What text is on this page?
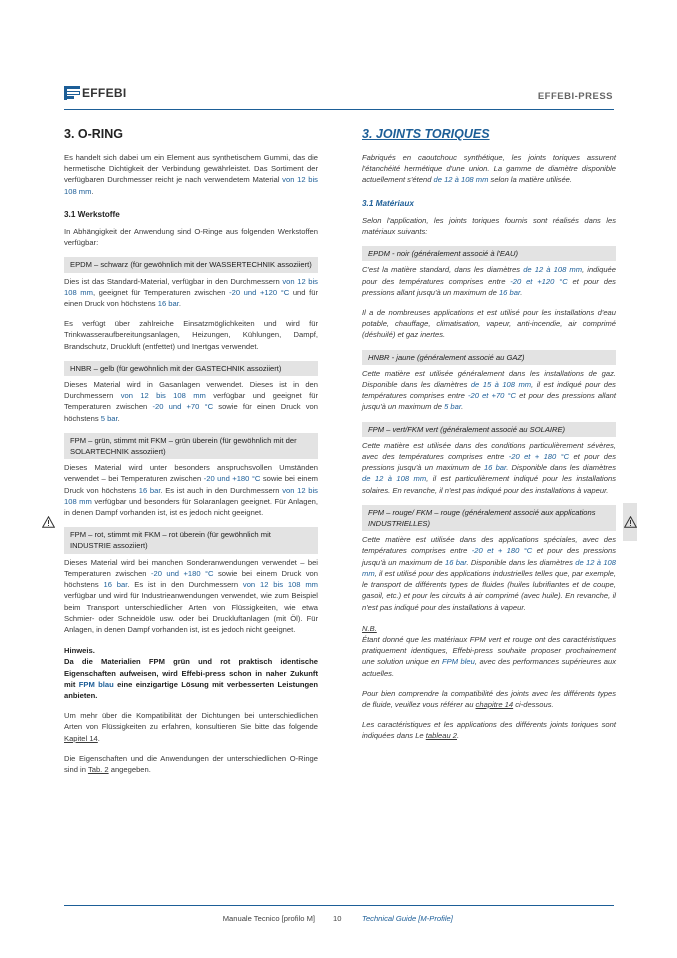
EFFEBI	EFFEBI-PRESS
3. O-RING

Es handelt sich dabei um ein Element aus synthetischem Gummi, das die hermetische Dichtigkeit der Verbindung gewährleistet. Das Sortiment der verfügbaren Durchmesser reicht je nach verwendetem Material von 12 bis 108 mm.

3.1 Werkstoffe

In Abhängigkeit der Anwendung sind O-Ringe aus folgenden Werkstoffen verfügbar:

EPDM – schwarz (für gewöhnlich mit der WASSERTECHNIK assoziiert)

Dies ist das Standard-Material, verfügbar in den Durchmessern von 12 bis 108 mm, geeignet für Temperaturen zwischen -20 und +120 °C und für einen Druck von höchstens 16 bar.

Es verfügt über zahlreiche Einsatzmöglichkeiten und wird für Trinkwasseraufbereitungsanlagen, Heizungen, Kühlungen, Dampf, Brandschutz, Druckluft (entfettet) und Inertgas verwendet.

HNBR – gelb (für gewöhnlich mit der GASTECHNIK assoziiert)

Dieses Material wird in Gasanlagen verwendet. Dieses ist in den Durchmessern von 12 bis 108 mm verfügbar und geeignet für Temperaturen zwischen -20 und +70 °C sowie für einen Druck von höchstens 5 bar.

FPM – grün, stimmt mit FKM – grün überein (für gewöhnlich mit der SOLARTECHNIK assoziiert)

Dieses Material wird unter besonders anspruchsvollen Umständen verwendet – bei Temperaturen zwischen -20 und +180 °C sowie bei einem Druck von höchstens 16 bar. Es ist auch in den Durchmessern von 12 bis 108 mm verfügbar und besonders für Solaranlagen geeignet. Für Anlagen, in denen Dampf vorhanden ist, ist es jedoch nicht geeignet.

FPM – rot, stimmt mit FKM – rot überein (für gewöhnlich mit INDUSTRIE assoziiert)

Dieses Material wird bei manchen Sonderanwendungen verwendet – bei Temperaturen zwischen -20 und +180 °C sowie bei einem Druck von höchstens 16 bar. Es ist in den Durchmessern von 12 bis 108 mm verfügbar und wird für Industrieanwendungen verwendet, wie zum Beispiel beim Transport unterschiedlicher Arten von Flüssigkeiten, wie etwa Schmier- oder Schneidöle usw. oder bei Druckluftanlagen (mit Öl). Für Anlagen, in denen Dampf vorhanden ist, ist es jedoch nicht geeignet.

Hinweis.
Da die Materialien FPM grün und rot praktisch identische Eigenschaften aufweisen, wird Effebi-press schon in naher Zukunft mit FPM blau eine einzigartige Lösung mit verbesserten Leistungen anbieten.

Um mehr über die Kompatibilität der Dichtungen bei unterschiedlichen Arten von Flüssigkeiten zu erfahren, konsultieren Sie bitte das folgende Kapitel 14.

Die Eigenschaften und die Anwendungen der unterschiedlichen O-Ringe sind in Tab. 2 angegeben.

3. JOINTS TORIQUES

Fabriqués en caoutchouc synthétique, les joints toriques assurent l'étanchéité hermétique d'une union. La gamme de diamètre disponible actuellement s'étend de 12 à 108 mm selon la matière utilisée.

3.1 Matériaux

Selon l'application, les joints toriques fournis sont réalisés dans les matériaux suivants:

EPDM - noir (généralement associé à l'EAU)

C'est la matière standard, dans les diamètres de 12 à 108 mm, indiquée pour des températures comprises entre -20 et +120 °C et pour des pressions allant jusqu'à un maximum de 16 bar.

Il a de nombreuses applications et est utilisé pour les installations d'eau potable, chauffage, climatisation, vapeur, anti-incendie, air comprimé (déshuilé) et gaz inertes.

HNBR - jaune (généralement associé au GAZ)

Cette matière est utilisée généralement dans les installations de gaz. Disponible dans les diamètres de 15 à 108 mm, il est indiqué pour des températures comprises entre -20 et +70 °C et pour des pressions allant jusqu'à un maximum de 5 bar.

FPM – vert/FKM vert (généralement associé au SOLAIRE)

Cette matière est utilisée dans des conditions particulièrement sévères, avec des températures comprises entre -20 et + 180 °C et pour des pressions jusqu'à un maximum de 16 bar. Disponible dans les diamètres de 12 à 108 mm, il est particulièrement indiqué pour les installations solaires. En revanche, il n'est pas indiqué pour des installations à vapeur.

FPM – rouge/ FKM – rouge (généralement associé aux applications INDUSTRIELLES)

Cette matière est utilisée dans des applications spéciales, avec des températures comprises entre -20 et + 180 °C et pour des pressions jusqu'à un maximum de 16 bar. Disponible dans les diamètres de 12 à 108 mm, il est utilisé pour des applications industrielles telles que, par exemple, le transport de différents types de fluides (huiles lubrifiantes et de coupe, gasoil, etc.) et pour les circuits à air comprimé (avec huile). En revanche, il n'est pas indiqué pour des installations à vapeur.

N.B.
Étant donné que les matériaux FPM vert et rouge ont des caractéristiques pratiquement identiques, Effebi-press souhaite proposer prochainement une solution unique en FPM bleu, avec des performances supérieures aux actuelles.

Pour bien comprendre la compatibilité des joints avec les différents types de fluide, veuillez vous référer au chapitre 14 ci-dessous.

Les caractéristiques et les applications des différents joints toriques sont indiquées dans Le tableau 2.

Manuale Tecnico [profilo M] 10	Technical Guide [M-Profile]
